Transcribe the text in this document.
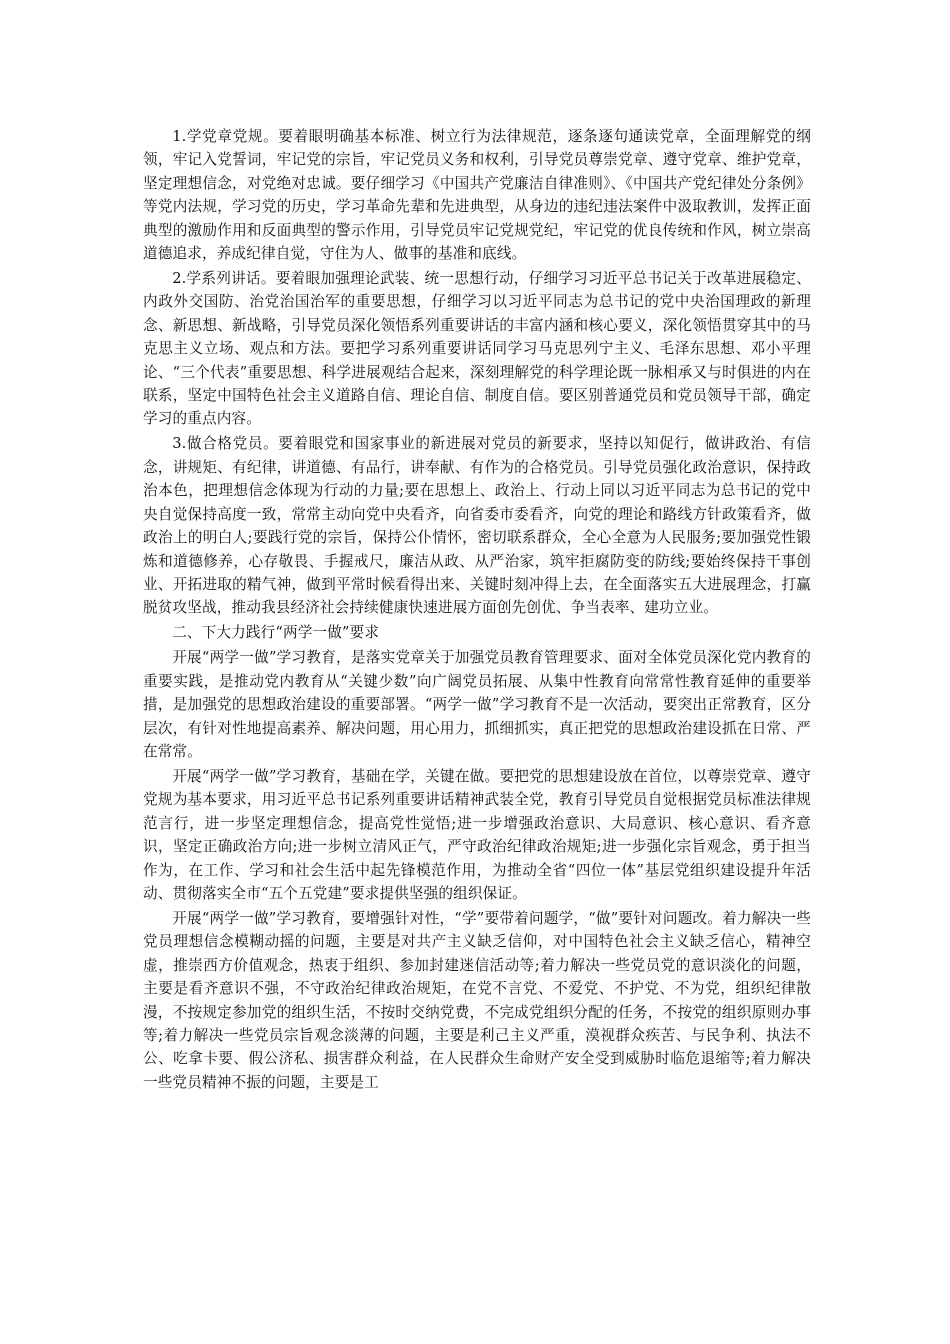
1.学党章党规。要着眼明确基本标准、树立行为法律规范，逐条逐句通读党章，全面理解党的纲领，牢记入党誓词，牢记党的宗旨，牢记党员义务和权利，引导党员尊崇党章、遵守党章、维护党章，坚定理想信念，对党绝对忠诚。要仔细学习《中国共产党廉洁自律准则》、《中国共产党纪律处分条例》等党内法规，学习党的历史，学习革命先辈和先进典型，从身边的违纪违法案件中汲取教训，发挥正面典型的激励作用和反面典型的警示作用，引导党员牢记党规党纪，牢记党的优良传统和作风，树立崇高道德追求，养成纪律自觉，守住为人、做事的基准和底线。

2.学系列讲话。要着眼加强理论武装、统一思想行动，仔细学习习近平总书记关于改革进展稳定、内政外交国防、治党治国治军的重要思想，仔细学习以习近平同志为总书记的党中央治国理政的新理念、新思想、新战略，引导党员深化领悟系列重要讲话的丰富内涵和核心要义，深化领悟贯穿其中的马克思主义立场、观点和方法。要把学习系列重要讲话同学习马克思列宁主义、毛泽东思想、邓小平理论、“三个代表”重要思想、科学进展观结合起来，深刻理解党的科学理论既一脉相承又与时俱进的内在联系，坚定中国特色社会主义道路自信、理论自信、制度自信。要区别普通党员和党员领导干部，确定学习的重点内容。

3.做合格党员。要着眼党和国家事业的新进展对党员的新要求，坚持以知促行，做讲政治、有信念，讲规矩、有纪律，讲道德、有品行，讲奉献、有作为的合格党员。引导党员强化政治意识，保持政治本色，把理想信念体现为行动的力量;要在思想上、政治上、行动上同以习近平同志为总书记的党中央自觉保持高度一致，常常主动向党中央看齐，向省委市委看齐，向党的理论和路线方针政策看齐，做政治上的明白人;要践行党的宗旨，保持公仆情怀，密切联系群众，全心全意为人民服务;要加强党性锻炼和道德修养，心存敬畏、手握戒尺，廉洁从政、从严治家，筑牢拒腐防变的防线;要始终保持干事创业、开拓进取的精气神，做到平常时候看得出来、关键时刻冲得上去，在全面落实五大进展理念，打赢脱贫攻坚战，推动我县经济社会持续健康快速进展方面创先创优、争当表率、建功立业。

二、下大力践行“两学一做”要求

开展“两学一做”学习教育，是落实党章关于加强党员教育管理要求、面对全体党员深化党内教育的重要实践，是推动党内教育从“关键少数”向广阔党员拓展、从集中性教育向常常性教育延伸的重要举措，是加强党的思想政治建设的重要部署。“两学一做”学习教育不是一次活动，要突出正常教育，区分层次，有针对性地提高素养、解决问题，用心用力，抓细抓实，真正把党的思想政治建设抓在日常、严在常常。

开展“两学一做”学习教育，基础在学，关键在做。要把党的思想建设放在首位，以尊崇党章、遵守党规为基本要求，用习近平总书记系列重要讲话精神武装全党，教育引导党员自觉根据党员标准法律规范言行，进一步坚定理想信念，提高党性觉悟;进一步增强政治意识、大局意识、核心意识、看齐意识，坚定正确政治方向;进一步树立清风正气，严守政治纪律政治规矩;进一步强化宗旨观念，勇于担当作为，在工作、学习和社会生活中起先锋模范作用，为推动全省“四位一体”基层党组织建设提升年活动、贯彻落实全市“五个五党建”要求提供坚强的组织保证。

开展“两学一做”学习教育，要增强针对性，“学”要带着问题学，“做”要针对问题改。着力解决一些党员理想信念模糊动摇的问题，主要是对共产主义缺乏信仰，对中国特色社会主义缺乏信心，精神空虚，推崇西方价值观念，热衷于组织、参加封建迷信活动等;着力解决一些党员党的意识淡化的问题，主要是看齐意识不强，不守政治纪律政治规矩，在党不言党、不爱党、不护党、不为党，组织纪律散漫，不按规定参加党的组织生活，不按时交纳党费，不完成党组织分配的任务，不按党的组织原则办事等;着力解决一些党员宗旨观念淡薄的问题，主要是利己主义严重，漠视群众疾苦、与民争利、执法不公、吃拿卡要、假公济私、损害群众利益，在人民群众生命财产安全受到威胁时临危退缩等;着力解决一些党员精神不振的问题，主要是工
